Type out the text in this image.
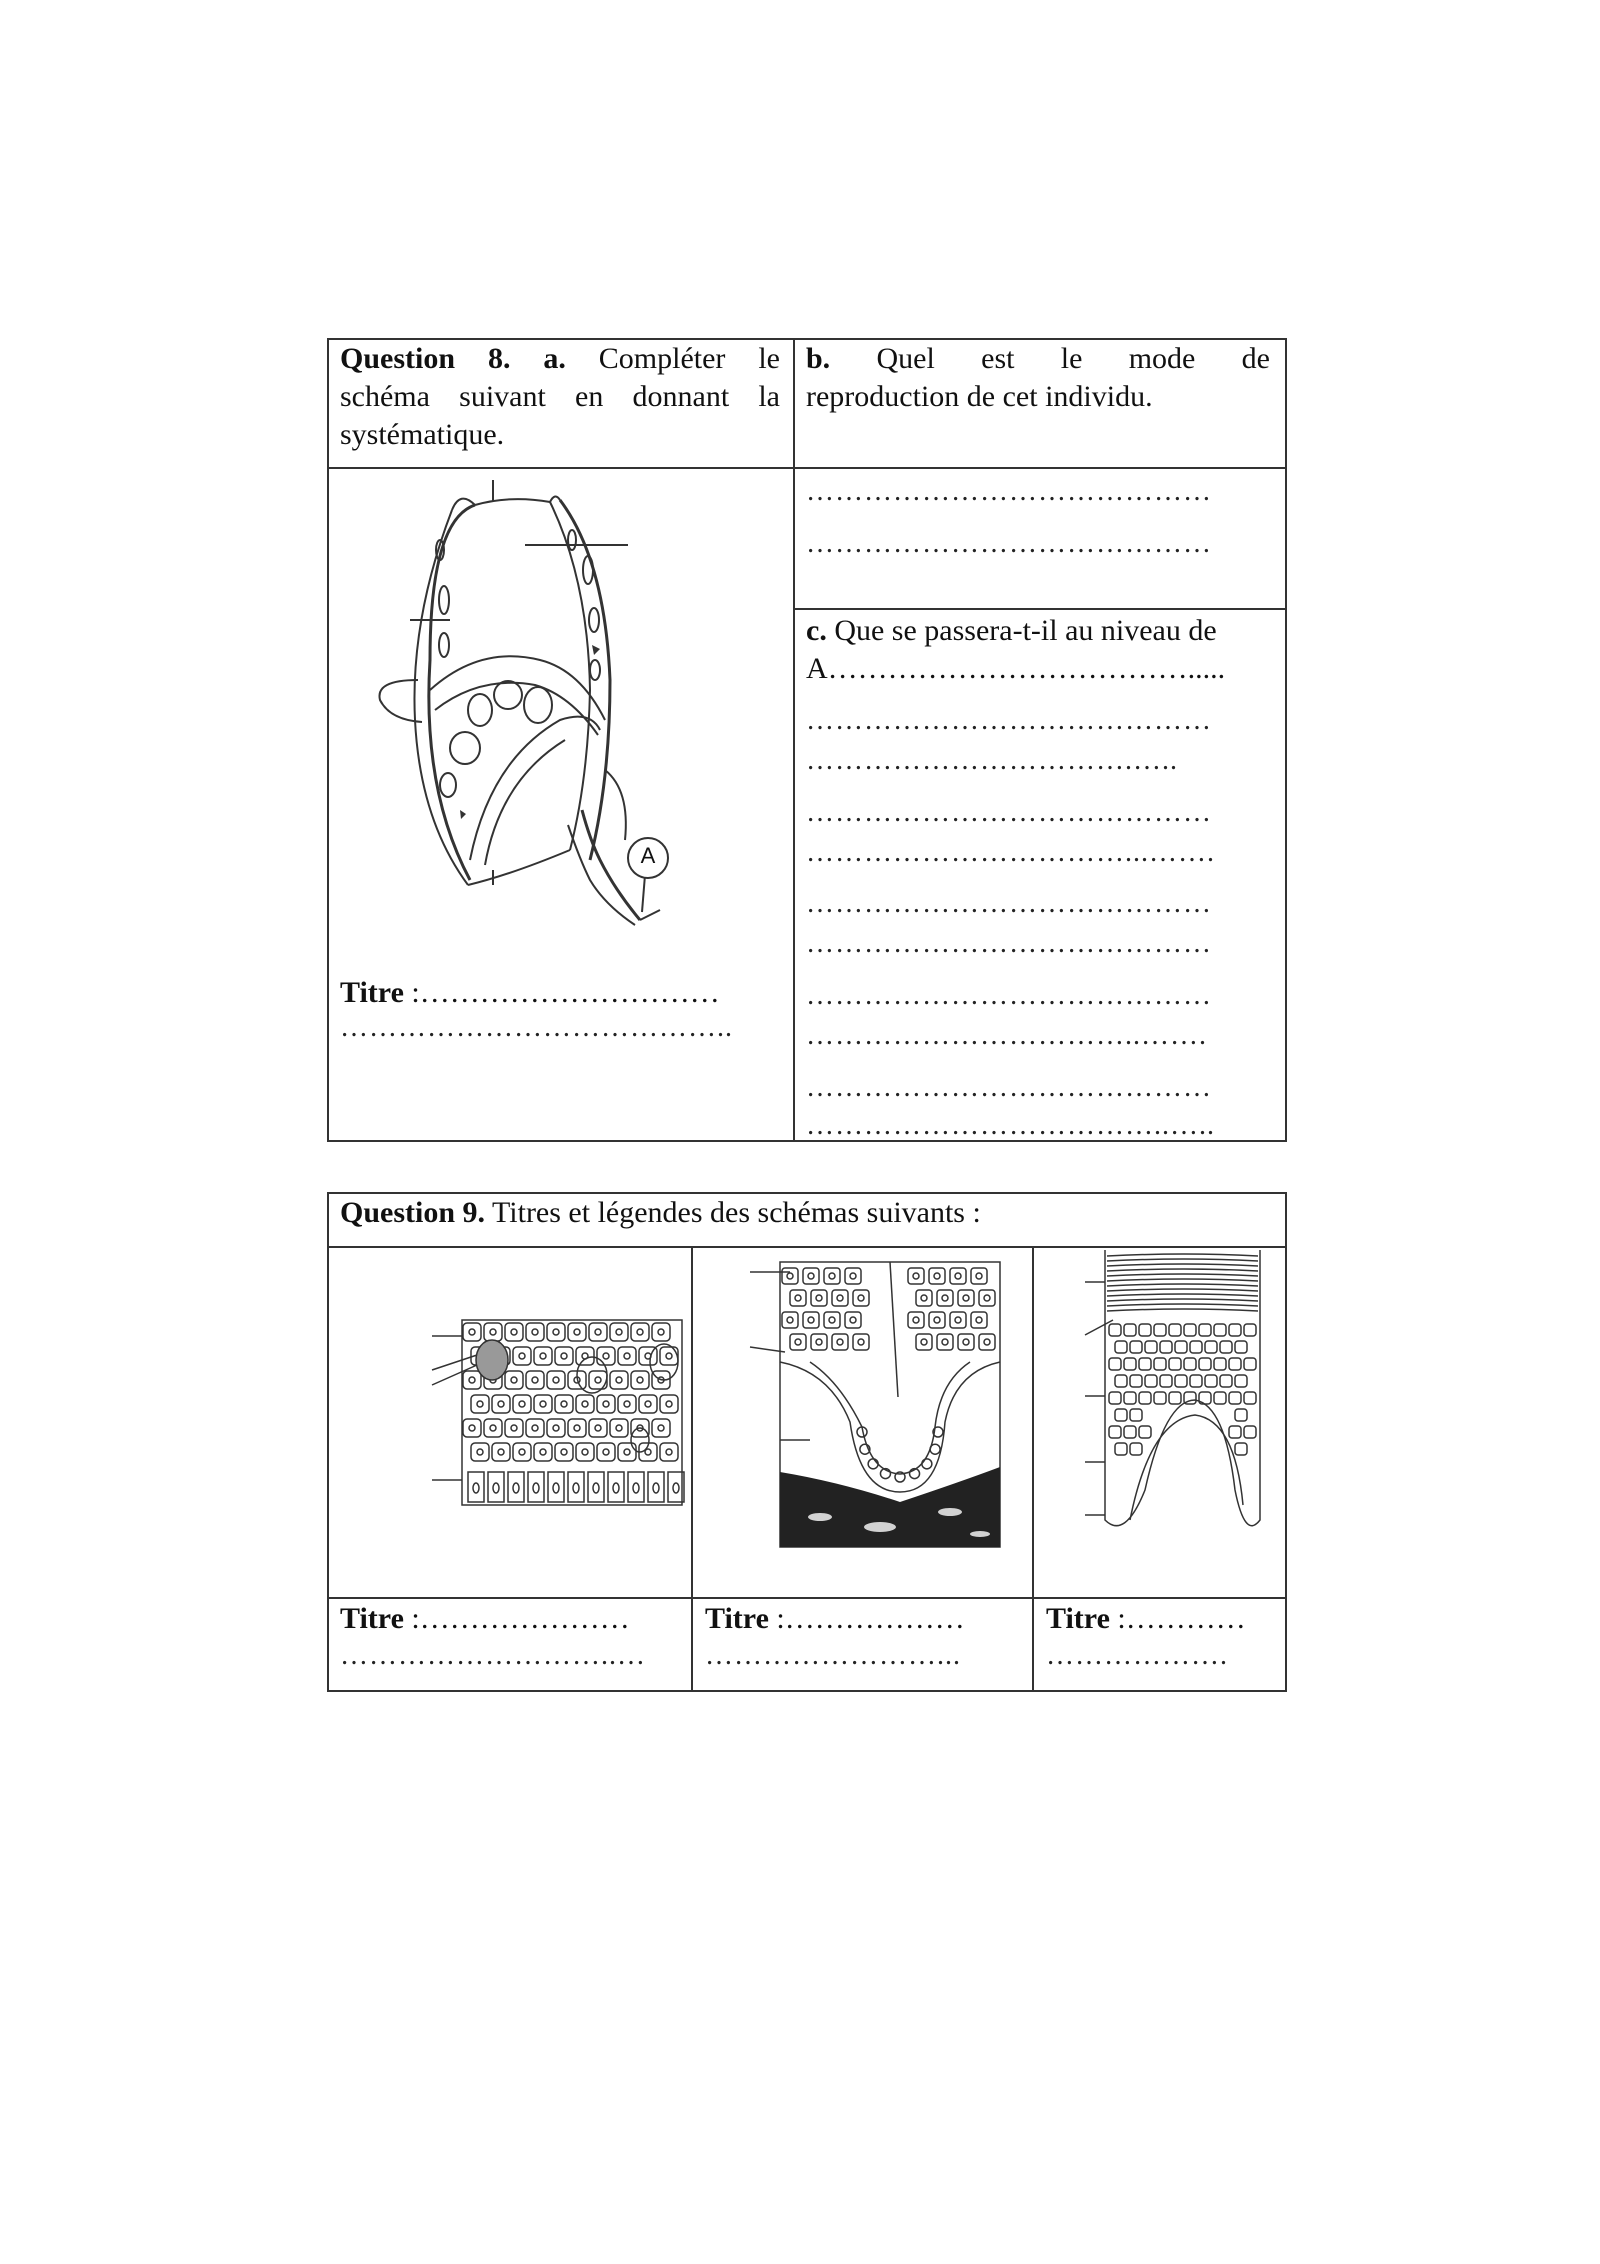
Question 8. a. Compléter le
schéma suivant en donnant la
systématique.
b. Quel est le mode de
reproduction de cet individu.
……………………………………
……………………………………
c. Que se passera-t-il au niveau de
A……………………………….....
……………………………………
…………………………….…..
……………………………………
……………………………...…….
……………………………………
……………………………………
……………………………………
……………………………..…….
……………………………………
………………………………..…..
A
Titre :…………………………
…………………………………..
Question 9. Titres et légendes des schémas suivants :
Titre :…………………
………………………..…
Titre :………………
……………………...
Titre :…………
……………….
